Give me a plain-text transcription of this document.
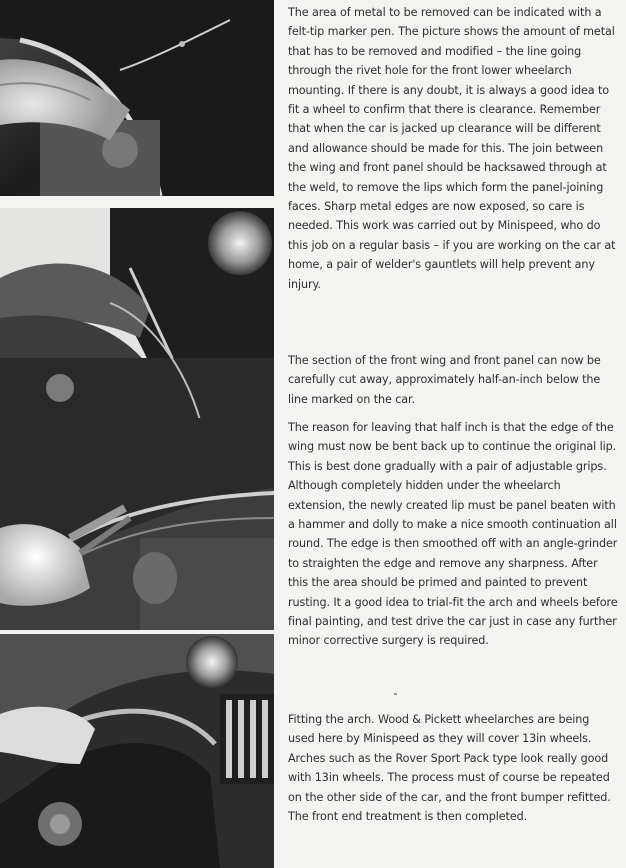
The area of metal to be removed can be indicated with a felt-tip marker pen. The picture shows the amount of metal that has to be removed and modified – the line going through the rivet hole for the front lower wheelarch mounting. If there is any doubt, it is always a good idea to fit a wheel to confirm that there is clearance. Remember that when the car is jacked up clearance will be different and allowance should be made for this. The join between the wing and front panel should be hacksawed through at the weld, to remove the lips which form the panel-joining faces. Sharp metal edges are now exposed, so care is needed. This work was carried out by Minispeed, who do this job on a regular basis – if you are working on the car at home, a pair of welder's gauntlets will help prevent any injury.

The section of the front wing and front panel can now be carefully cut away, approximately half-an-inch below the line marked on the car.

The reason for leaving that half inch is that the edge of the wing must now be bent back up to continue the original lip. This is best done gradually with a pair of adjustable grips. Although completely hidden under the wheelarch extension, the newly created lip must be panel beaten with a hammer and dolly to make a nice smooth continuation all round. The edge is then smoothed off with an angle-grinder to straighten the edge and remove any sharpness. After this the area should be primed and painted to prevent rusting. It a good idea to trial-fit the arch and wheels before final painting, and test drive the car just in case any further minor corrective surgery is required.

Fitting the arch. Wood & Pickett wheelarches are being used here by Minispeed as they will cover 13in wheels. Arches such as the Rover Sport Pack type look really good with 13in wheels. The process must of course be repeated on the other side of the car, and the front bumper refitted. The front end treatment is then completed.
